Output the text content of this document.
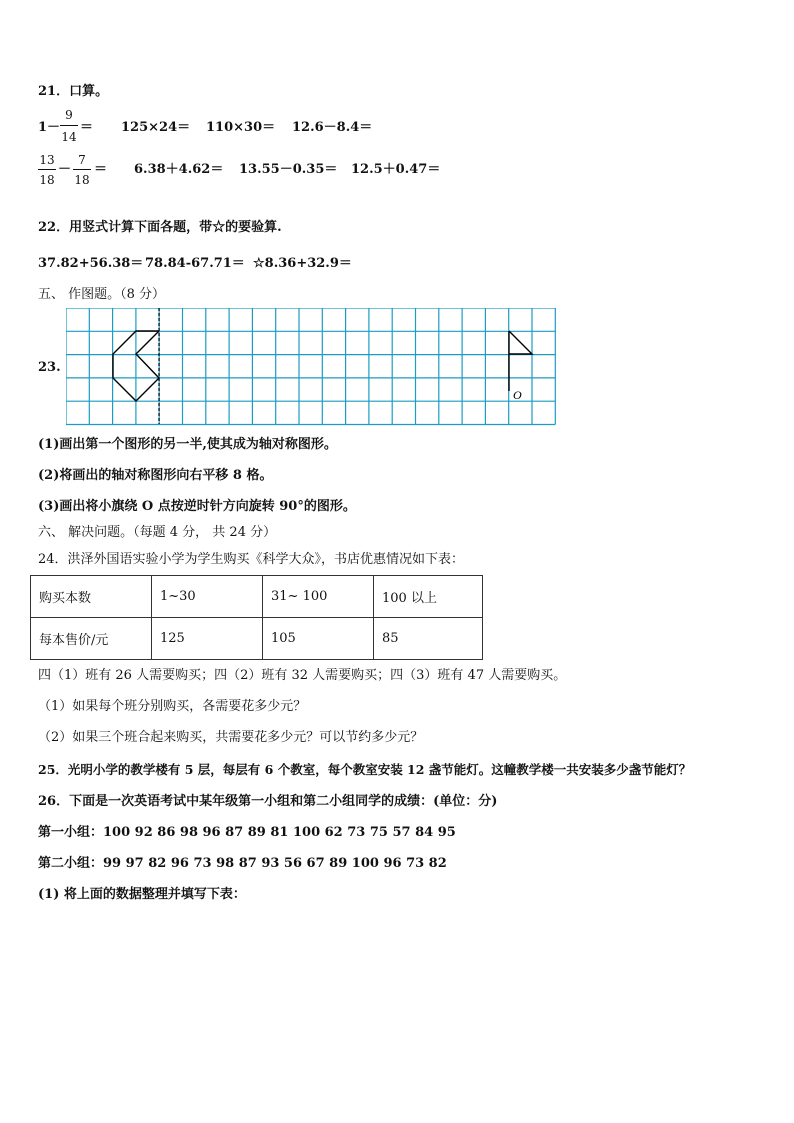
21．口算。
1－
9
14
＝ 125×24＝ 110×30＝ 12.6－8.4＝
13
18
－
7
18
＝ 6.38＋4.62＝ 13.55－0.35＝ 12.5＋0.47＝
22．用竖式计算下面各题，带☆的要验算.
37.82+56.38＝ 78.84-67.71＝ ☆8.36+32.9＝
五、 作图题。（8 分）
23.
O
(1)画出第一个图形的另一半,使其成为轴对称图形。
(2)将画出的轴对称图形向右平移 8 格。
(3)画出将小旗绕 O 点按逆时针方向旋转 90°的图形。
六、 解决问题。（每题 4 分， 共 24 分）
24．洪泽外国语实验小学为学生购买《科学大众》，书店优惠情况如下表：
购买本数	1~30	31~ 100	100 以上
每本售价/元	125	105	85
四（1）班有 26 人需要购买；四（2）班有 32 人需要购买；四（3）班有 47 人需要购买。
（1）如果每个班分别购买，各需要花多少元？
（2）如果三个班合起来购买，共需要花多少元？可以节约多少元？
25．光明小学的教学楼有 5 层，每层有 6 个教室，每个教室安装 12 盏节能灯。这幢教学楼一共安装多少盏节能灯？
26．下面是一次英语考试中某年级第一小组和第二小组同学的成绩：(单位：分)
第一小组：100 92 86 98 96 87 89 81 100 62 73 75 57 84 95
第二小组：99 97 82 96 73 98 87 93 56 67 89 100 96 73 82
(1) 将上面的数据整理并填写下表：
